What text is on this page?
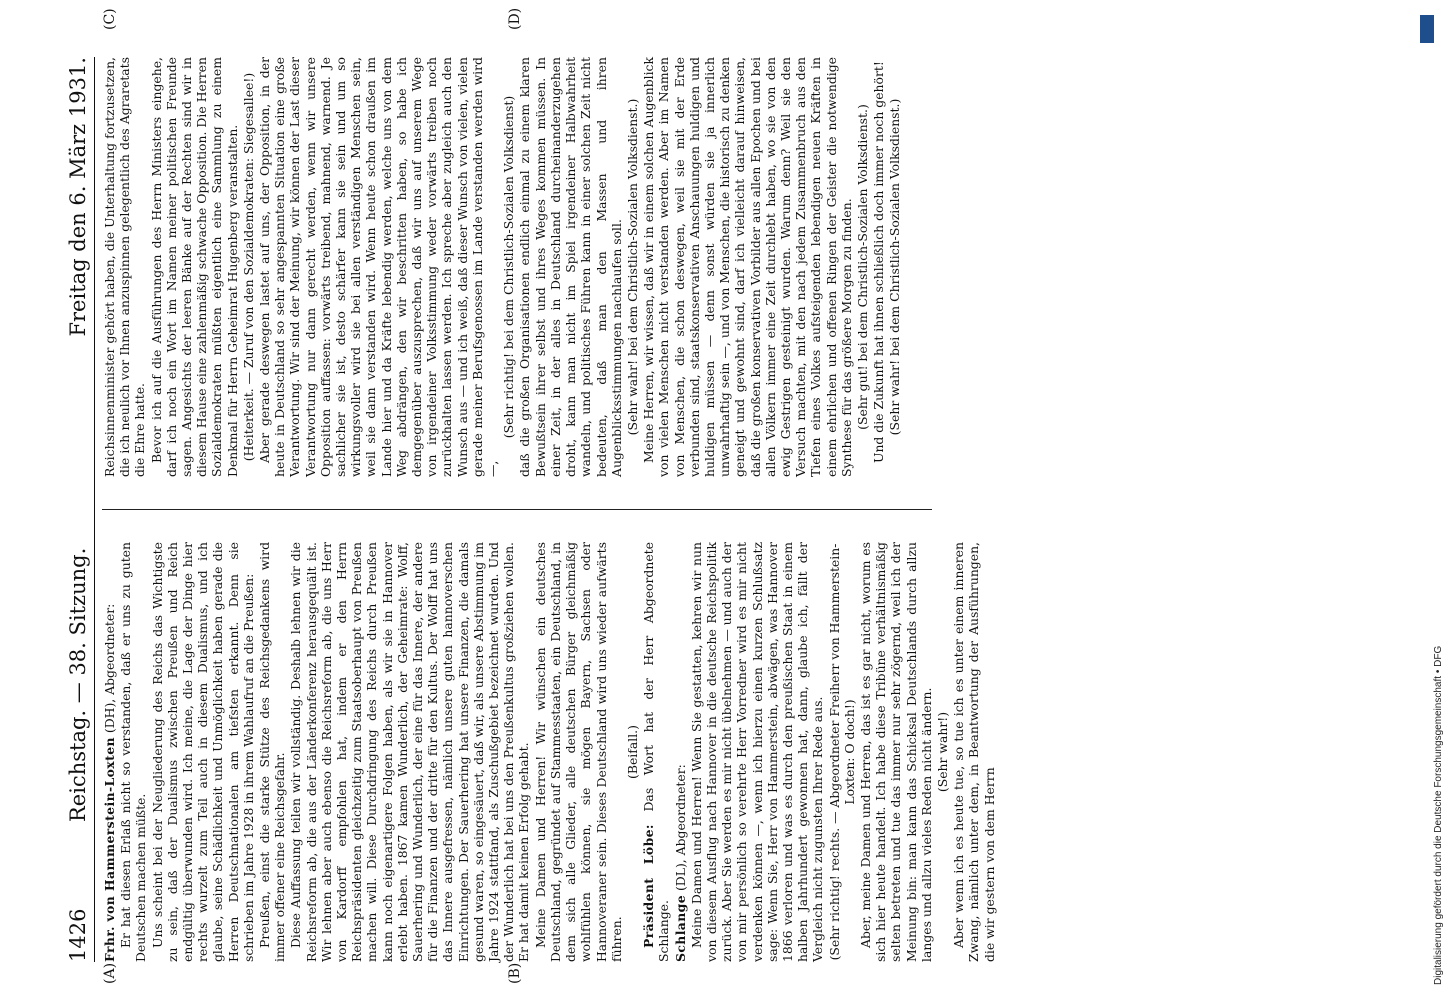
1426
Reichstag. — 38. Sitzung.
Freitag den 6. März 1931.
(A)	(B)
(C)	(D)

Frhr. von Hammerstein-Loxten (DH), Abgeordneter: Er hat diesen Erlaß nicht so verstanden, daß er uns zu guten Deutschen machen müßte. Uns scheint bei der Neugliederung des Reichs das Wichtigste zu sein, daß der Dualismus zwischen Preußen und Reich endgültig überwunden wird. Ich meine, die Lage der Dinge hier rechts wurzelt zum Teil auch in diesem Dualismus, und ich glaube, seine Schädlichkeit und Unmöglichkeit haben gerade die Herren Deutschnationalen am tiefsten erkannt. Denn sie schrieben im Jahre 1928 in ihrem Wahlaufruf an die Preußen: Preußen, einst die starke Stütze des Reichsgedankens wird immer offener eine Reichsgefahr. Diese Auffassung teilen wir vollständig. Deshalb lehnen wir die Reichsreform ab, die aus der Länderkonferenz herausgequält ist. Wir lehnen aber auch ebenso die Reichsreform ab, die uns Herr von Kardorff empfohlen hat, indem er den Herrn Reichspräsidenten gleichzeitig zum Staatsoberhaupt von Preußen machen will. Diese Durchdringung des Reichs durch Preußen kann noch eigenartigere Folgen haben, als wir sie in Hannover erlebt haben. 1867 kamen Wunderlich, der Geheimrate: Wolff, Sauerhering und Wunderlich, der eine für das Innere, der andere für die Finanzen und der dritte für den Kultus. Der Wolff hat uns das Innere ausgefressen, nämlich unsere guten hannoverschen Einrichtungen. Der Sauerhering hat unsere Finanzen, die damals gesund waren, so eingesäuert, daß wir, als unsere Abstimmung im Jahre 1924 stattfand, als Zuschußgebiet bezeichnet wurden. Und der Wunderlich hat bei uns den Preußenkultus großziehen wollen. Er hat damit keinen Erfolg gehabt. Meine Damen und Herren! Wir wünschen ein deutsches Deutschland, gegründet auf Stammesstaaten, ein Deutschland, in dem sich alle Glieder, alle deutschen Bürger gleichmäßig wohlfühlen können, sie mögen Bayern, Sachsen oder Hannoveraner sein. Dieses Deutschland wird uns wieder aufwärts führen.

(Beifall.)

Präsident Löbe: Das Wort hat der Herr Abgeordnete Schlange. Schlange (DL), Abgeordneter: Meine Damen und Herren! Wenn Sie gestatten, kehren wir nun von diesem Ausflug nach Hannover in die deutsche Reichspolitik zurück. Aber Sie werden es mir nicht übelnehmen — und auch der von mir persönlich so verehrte Herr Vorredner wird es mir nicht verdenken können —, wenn ich hierzu einen kurzen Schlußsatz sage: Wenn Sie, Herr von Hammerstein, abwägen, was Hannover 1866 verloren und was es durch den preußischen Staat in einem halben Jahrhundert gewonnen hat, dann, glaube ich, fällt der Vergleich nicht zugunsten Ihrer Rede aus. (Sehr richtig! rechts. — Abgeordneter Freiherr von Hammerstein-Loxten: O doch!) Aber, meine Damen und Herren, das ist es gar nicht, worum es sich hier heute handelt. Ich habe diese Tribüne verhältnismäßig selten betreten und tue das immer nur sehr zögernd, weil ich der Meinung bin: man kann das Schicksal Deutschlands durch allzu langes und allzu vieles Reden nicht ändern. (Sehr wahr!) Aber wenn ich es heute tue, so tue ich es unter einem inneren Zwang, nämlich unter dem, in Beantwortung der Ausführungen, die wir gestern von dem Herrn

Reichsinnenminister gehört haben, die Unterhaltung fortzusetzen, die ich neulich vor Ihnen anzuspinnen gelegentlich des Agraretats die Ehre hatte. Bevor ich auf die Ausführungen des Herrn Ministers eingehe, darf ich noch ein Wort im Namen meiner politischen Freunde sagen. Angesichts der leeren Bänke auf der Rechten sind wir in diesem Hause eine zahlenmäßig schwache Opposition. Die Herren Sozialdemokraten müßten eigentlich eine Sammlung zu einem Denkmal für Herrn Geheimrat Hugenberg veranstalten. (Heiterkeit. — Zuruf von den Sozialdemokraten: Siegesallee!) Aber gerade deswegen lastet auf uns, der Opposition, in der heute in Deutschland so sehr angespannten Situation eine große Verantwortung. Wir sind der Meinung, wir können der Last dieser Verantwortung nur dann gerecht werden, wenn wir unsere Opposition auffassen: vorwärts treibend, mahnend, warnend. Je sachlicher sie ist, desto schärfer kann sie sein und um so wirkungsvoller wird sie bei allen verständigen Menschen sein, weil sie dann verstanden wird. Wenn heute schon draußen im Lande hier und da Kräfte lebendig werden, welche uns von dem Weg abdrängen, den wir beschritten haben, so habe ich demgegenüber auszusprechen, daß wir uns auf unserem Wege von irgendeiner Volksstimmung weder vorwärts treiben noch zurückhalten lassen werden. Ich spreche aber zugleich auch den Wunsch aus — und ich weiß, daß dieser Wunsch von vielen, vielen gerade meiner Berufsgenossen im Lande verstanden werden wird —,

(Sehr richtig! bei dem Christlich-Sozialen Volksdienst) daß die großen Organisationen endlich einmal zu einem klaren Bewußtsein ihrer selbst und ihres Weges kommen müssen. In einer Zeit, in der alles in Deutschland durcheinanderzugehen droht, kann man nicht im Spiel irgendeiner Halbwahrheit wandeln, und politisches Führen kann in einer solchen Zeit nicht bedeuten, daß man den Massen und ihren Augenblicksstimmungen nachlaufen soll. (Sehr wahr! bei dem Christlich-Sozialen Volksdienst.) Meine Herren, wir wissen, daß wir in einem solchen Augenblick von vielen Menschen nicht verstanden werden. Aber im Namen von Menschen, die schon deswegen, weil sie mit der Erde verbunden sind, staatskonservativen Anschauungen huldigen und huldigen müssen — denn sonst würden sie ja innerlich unwahrhaftig sein —, und von Menschen, die historisch zu denken geneigt und gewohnt sind, darf ich vielleicht darauf hinweisen, daß die großen konservativen Vorbilder aus allen Epochen und bei allen Völkern immer eine Zeit durchlebt haben, wo sie von den ewig Gestrigen gesteinigt wurden. Warum denn? Weil sie den Versuch machten, mit den nach jedem Zusammenbruch aus den Tiefen eines Volkes aufsteigenden lebendigen neuen Kräften in einem ehrlichen und offenen Ringen der Geister die notwendige Synthese für das größere Morgen zu finden. (Sehr gut! bei dem Christlich-Sozialen Volksdienst.) Und die Zukunft hat ihnen schließlich doch immer noch gehört! (Sehr wahr! bei dem Christlich-Sozialen Volksdienst.)

Digitalisierung gefördert durch die Deutsche Forschungsgemeinschaft • DFG
